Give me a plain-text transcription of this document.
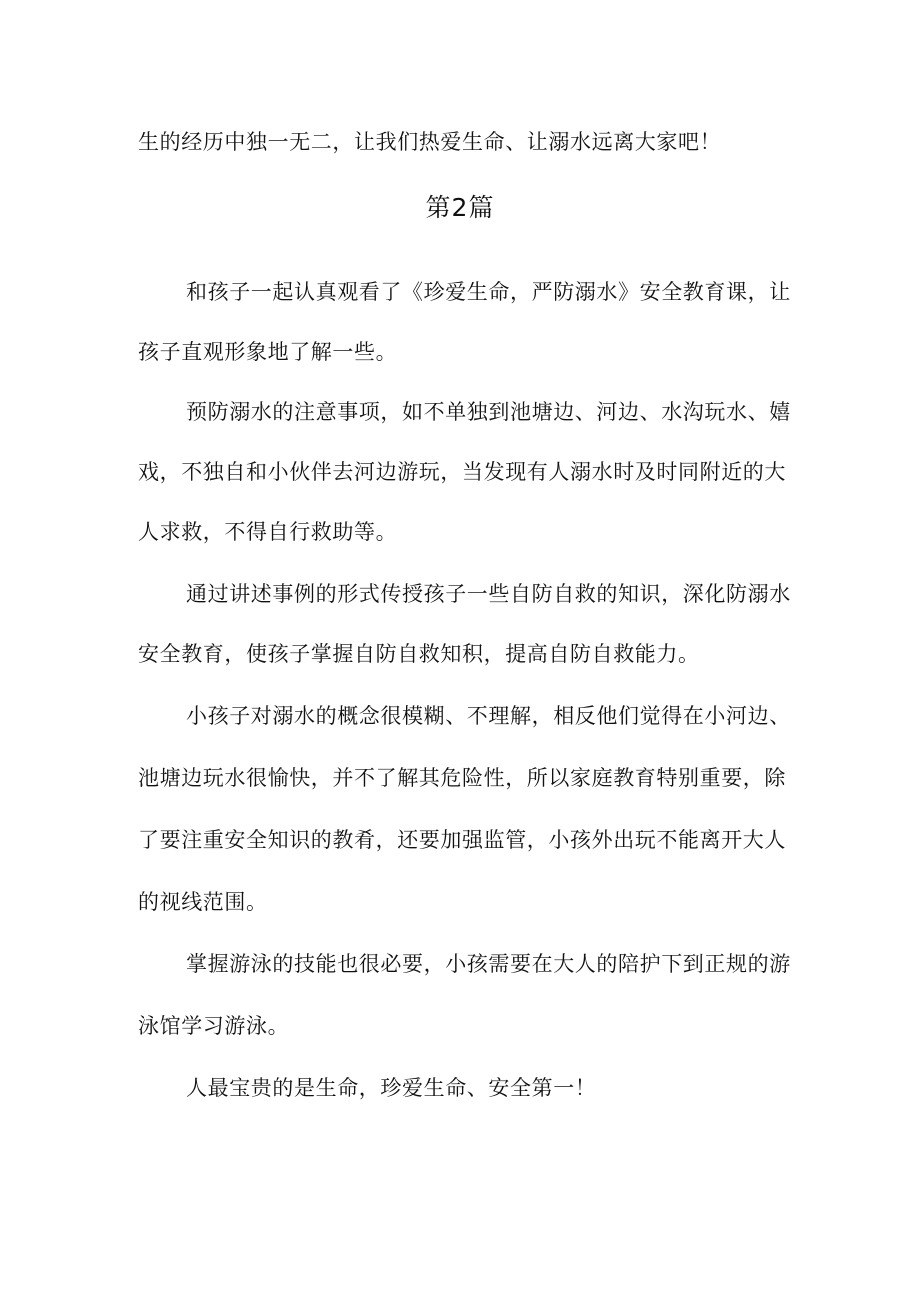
生的经历中独一无二，让我们热爱生命、让溺水远离大家吧！
第2篇
和孩子一起认真观看了《珍爱生命，严防溺水》安全教育课，让
孩子直观形象地了解一些。
预防溺水的注意事项，如不单独到池塘边、河边、水沟玩水、嬉
戏，不独自和小伙伴去河边游玩，当发现有人溺水时及时同附近的大
人求救，不得自行救助等。
通过讲述事例的形式传授孩子一些自防自救的知识，深化防溺水
安全教育，使孩子掌握自防自救知积，提高自防自救能力。
小孩子对溺水的概念很模糊、不理解，相反他们觉得在小河边、
池塘边玩水很愉快，并不了解其危险性，所以家庭教育特别重要，除
了要注重安全知识的教肴，还要加强监管，小孩外出玩不能离开大人
的视线范围。
掌握游泳的技能也很必要，小孩需要在大人的陪护下到正规的游
泳馆学习游泳。
人最宝贵的是生命，珍爱生命、安全第一！
